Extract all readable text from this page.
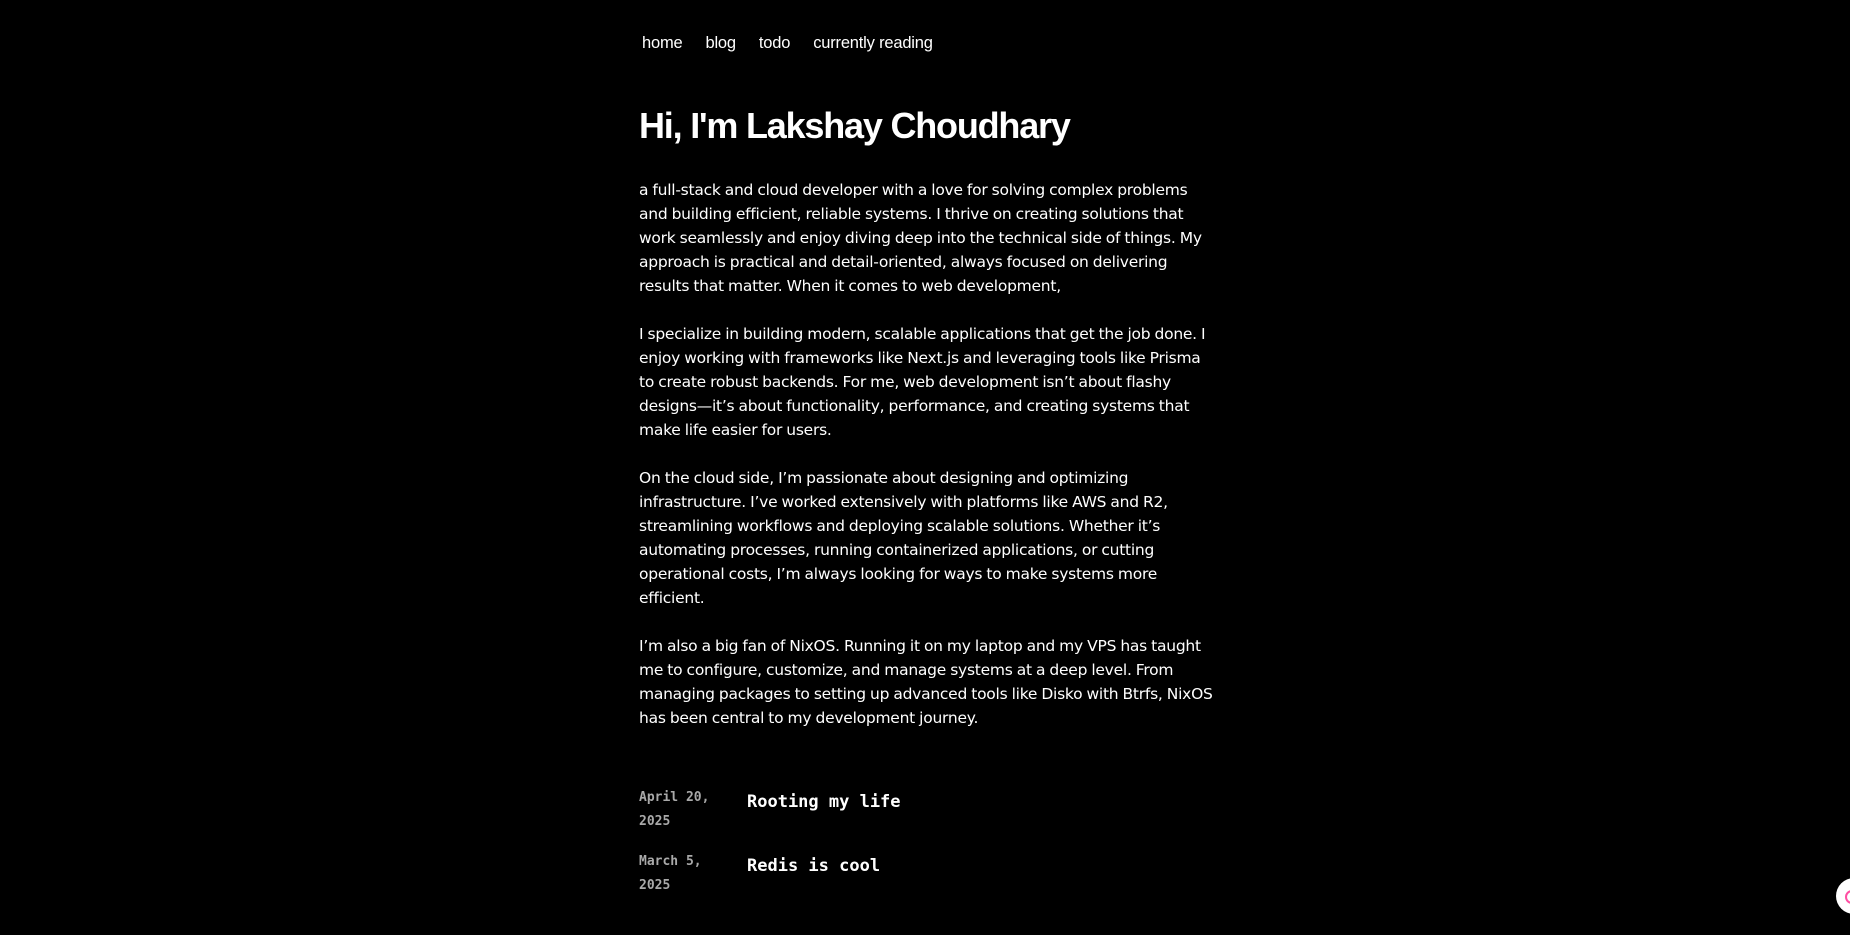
home blog todo currently reading
Hi, I'm Lakshay Choudhary

a full-stack and cloud developer with a love for solving complex problems and building efficient, reliable systems. I thrive on creating solutions that work seamlessly and enjoy diving deep into the technical side of things. My approach is practical and detail-oriented, always focused on delivering results that matter. When it comes to web development,

I specialize in building modern, scalable applications that get the job done. I enjoy working with frameworks like Next.js and leveraging tools like Prisma to create robust backends. For me, web development isn’t about flashy designs—it’s about functionality, performance, and creating systems that make life easier for users.

On the cloud side, I’m passionate about designing and optimizing infrastructure. I’ve worked extensively with platforms like AWS and R2, streamlining workflows and deploying scalable solutions. Whether it’s automating processes, running containerized applications, or cutting operational costs, I’m always looking for ways to make systems more efficient.

I’m also a big fan of NixOS. Running it on my laptop and my VPS has taught me to configure, customize, and manage systems at a deep level. From managing packages to setting up advanced tools like Disko with Btrfs, NixOS has been central to my development journey.

April 20,
2025
Rooting my life
March 5,
2025
Redis is cool
